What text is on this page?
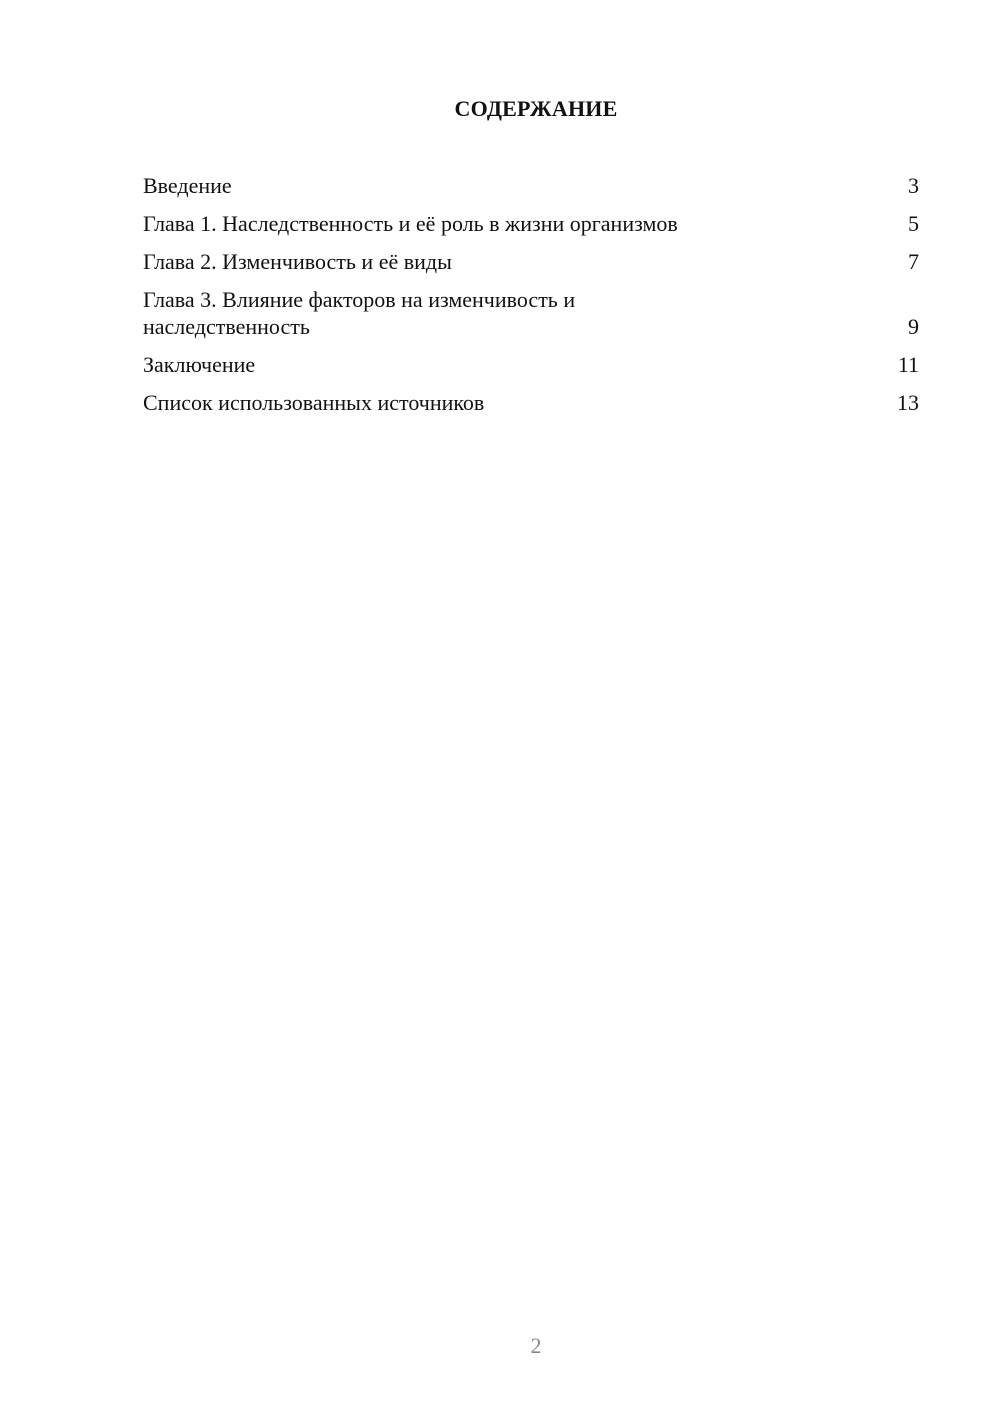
СОДЕРЖАНИЕ
Введение	3
Глава 1. Наследственность и её роль в жизни организмов	5
Глава 2. Изменчивость и её виды	7
Глава 3. Влияние факторов на изменчивость и наследственность	9
Заключение	11
Список использованных источников	13
2
